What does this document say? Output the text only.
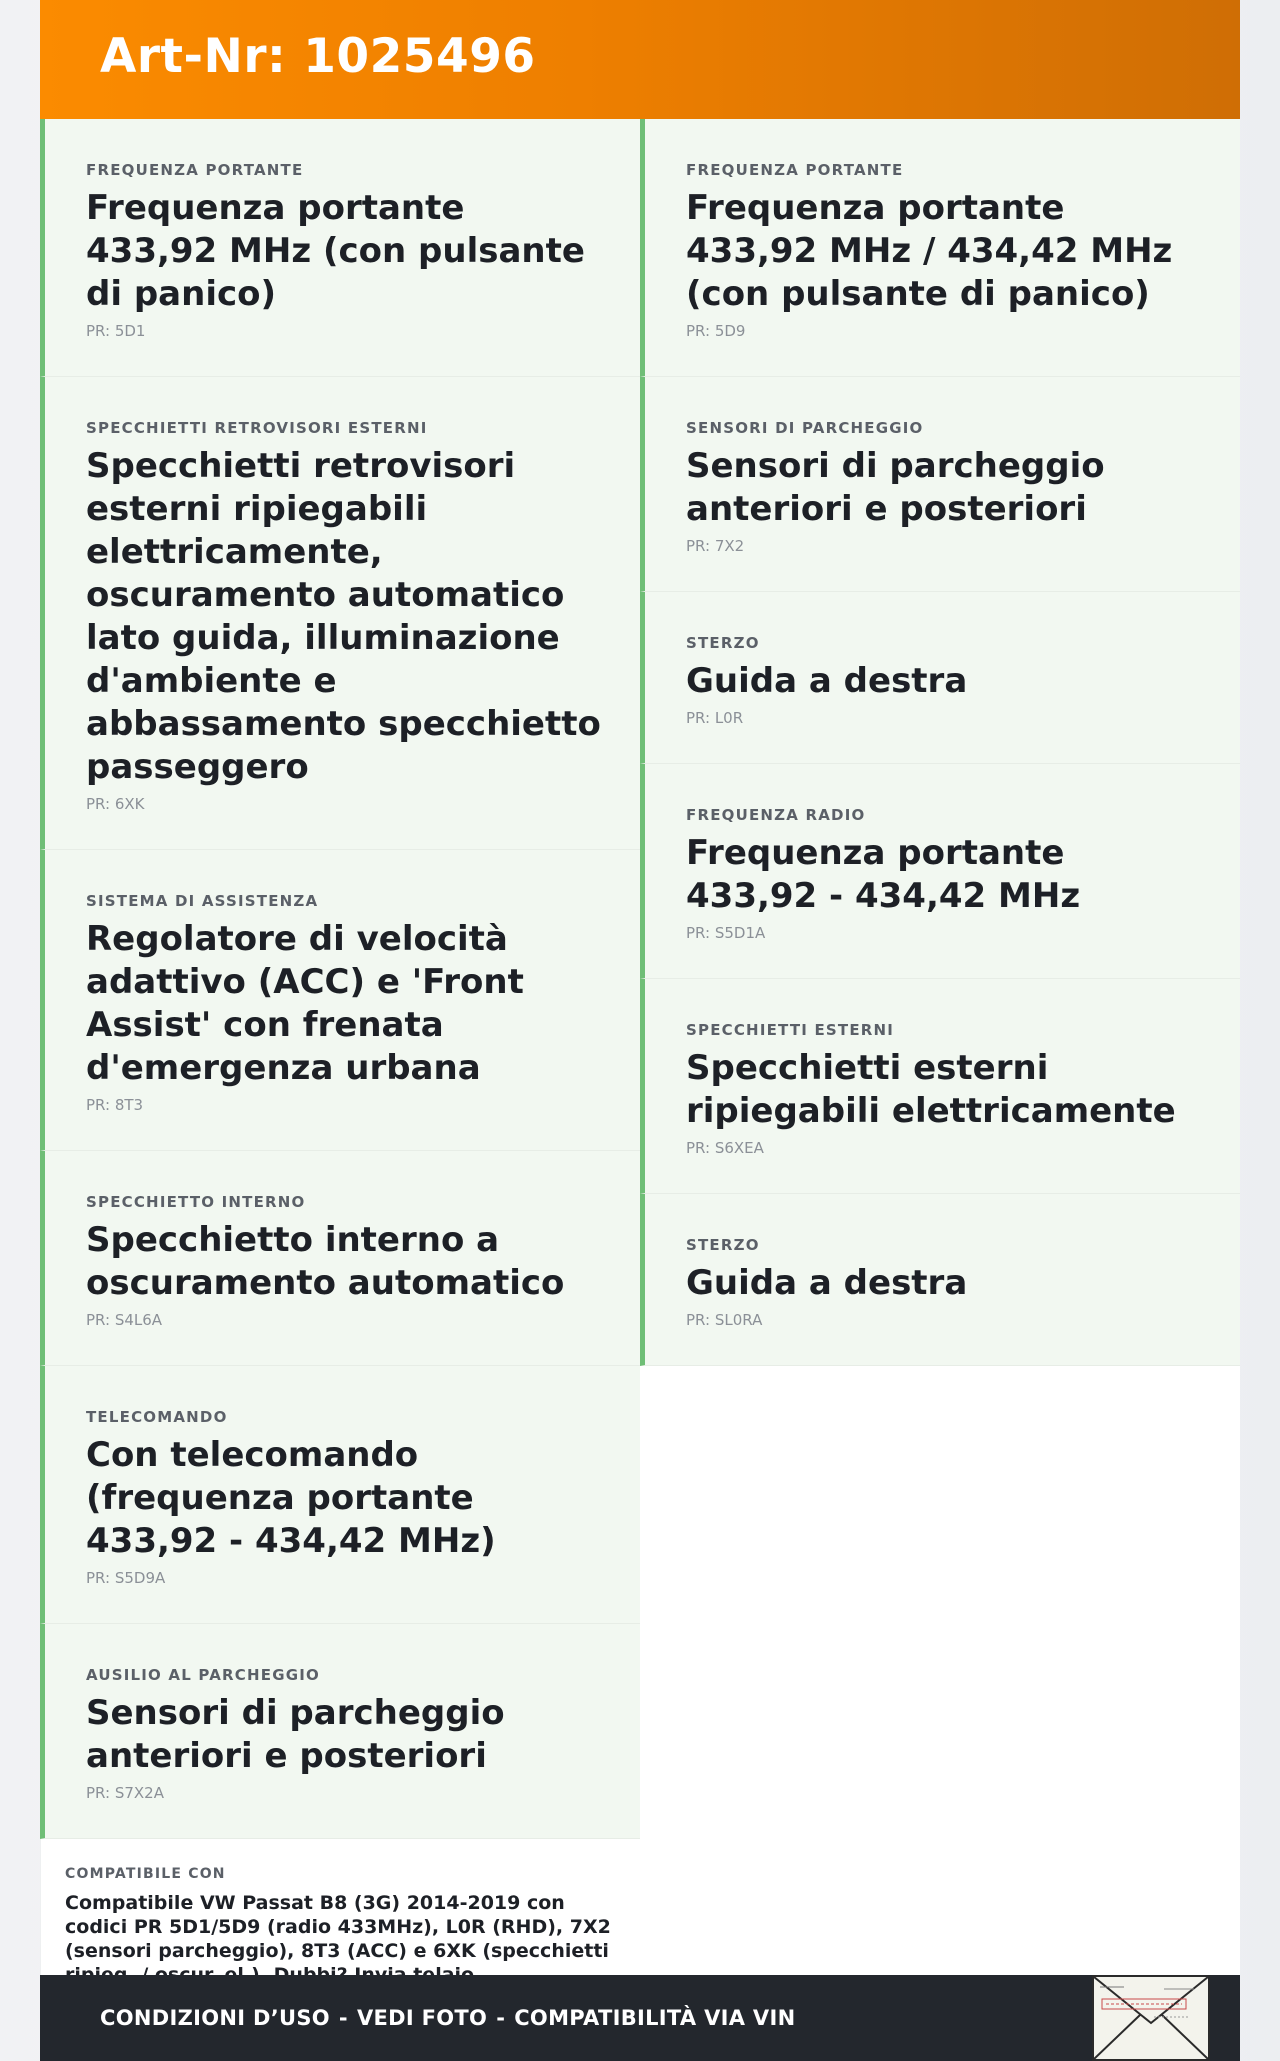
Art-Nr: 1025496
FREQUENZA PORTANTE
Frequenza portante 433,92 MHz (con pulsante di panico)
PR: 5D1
SPECCHIETTI RETROVISORI ESTERNI
Specchietti retrovisori esterni ripiegabili elettricamente, oscuramento automatico lato guida, illuminazione d'ambiente e abbassamento specchietto passeggero
PR: 6XK
SISTEMA DI ASSISTENZA
Regolatore di velocità adattivo (ACC) e 'Front Assist' con frenata d'emergenza urbana
PR: 8T3
SPECCHIETTO INTERNO
Specchietto interno a oscuramento automatico
PR: S4L6A
TELECOMANDO
Con telecomando (frequenza portante 433,92 - 434,42 MHz)
PR: S5D9A
AUSILIO AL PARCHEGGIO
Sensori di parcheggio anteriori e posteriori
PR: S7X2A
COMPATIBILE CON
Compatibile VW Passat B8 (3G) 2014-2019 con codici PR 5D1/5D9 (radio 433MHz), L0R (RHD), 7X2 (sensori parcheggio), 8T3 (ACC) e 6XK (specchietti
FREQUENZA PORTANTE
Frequenza portante 433,92 MHz / 434,42 MHz (con pulsante di panico)
PR: 5D9
SENSORI DI PARCHEGGIO
Sensori di parcheggio anteriori e posteriori
PR: 7X2
STERZO
Guida a destra
PR: L0R
FREQUENZA RADIO
Frequenza portante 433,92 - 434,42 MHz
PR: S5D1A
SPECCHIETTI ESTERNI
Specchietti esterni ripiegabili elettricamente
PR: S6XEA
STERZO
Guida a destra
PR: SL0RA
CONDIZIONI D’USO - VEDI FOTO - COMPATIBILITÀ VIA VIN
